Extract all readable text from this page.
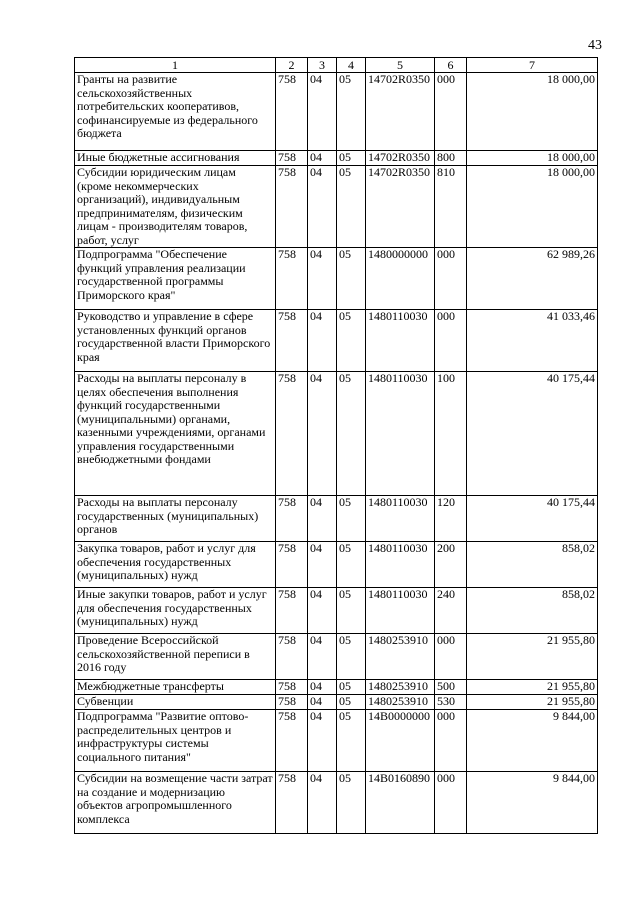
43
1	2	3	4	5	6	7
Гранты на развитие сельскохозяйственных потребительских кооперативов, софинансируемые из федерального бюджета	758	04	05	14702R0350	000	18 000,00
Иные бюджетные ассигнования	758	04	05	14702R0350	800	18 000,00
Субсидии юридическим лицам (кроме некоммерческих организаций), индивидуальным предпринимателям, физическим лицам - производителям товаров, работ, услуг	758	04	05	14702R0350	810	18 000,00
Подпрограмма "Обеспечение функций управления реализации государственной программы Приморского края"	758	04	05	1480000000	000	62 989,26
Руководство и управление в сфере установленных функций органов государственной власти Приморского края	758	04	05	1480110030	000	41 033,46
Расходы на выплаты персоналу в целях обеспечения выполнения функций государственными (муниципальными) органами, казенными учреждениями, органами управления государственными внебюджетными фондами	758	04	05	1480110030	100	40 175,44
Расходы на выплаты персоналу государственных (муниципальных) органов	758	04	05	1480110030	120	40 175,44
Закупка товаров, работ и услуг для обеспечения государственных (муниципальных) нужд	758	04	05	1480110030	200	858,02
Иные закупки товаров, работ и услуг для обеспечения государственных (муниципальных) нужд	758	04	05	1480110030	240	858,02
Проведение Всероссийской сельскохозяйственной переписи в 2016 году	758	04	05	1480253910	000	21 955,80
Межбюджетные трансферты	758	04	05	1480253910	500	21 955,80
Субвенции	758	04	05	1480253910	530	21 955,80
Подпрограмма "Развитие оптово-распределительных центров и инфраструктуры системы социального питания"	758	04	05	14В0000000	000	9 844,00
Субсидии на возмещение части затрат на создание и модернизацию объектов агропромышленного комплекса	758	04	05	14В0160890	000	9 844,00
